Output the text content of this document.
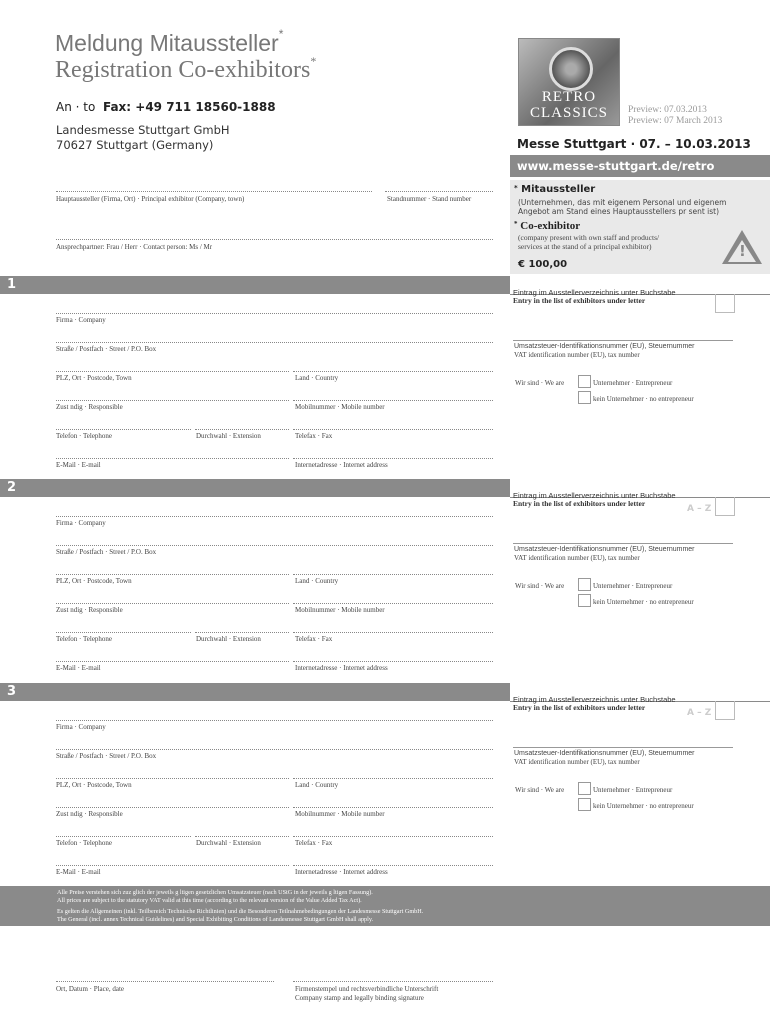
Meldung Mitaussteller*
Registration Co-exhibitors*
An · to Fax: +49 711 18560-1888
Landesmesse Stuttgart GmbH
70627 Stuttgart (Germany)
RETRO
CLASSICS	Preview: 07.03.2013
Preview: 07 March 2013
Messe Stuttgart · 07. – 10.03.2013
www.messe-stuttgart.de/retro
Hauptaussteller (Firma, Ort) · Principal exhibitor (Company, town)	Standnummer · Stand number
Ansprechpartner: Frau / Herr · Contact person: Ms / Mr
* Mitaussteller
(Unternehmen, das mit eigenem Personal und eigenem
Angebot am Stand eines Hauptausstellers pr sent ist)
* Co-exhibitor
(company present with own staff and products/
services at the stand of a principal exhibitor)
€ 100,00
!
1
Eintrag im Ausstellerverzeichnis unter Buchstabe
Entry in the list of exhibitors under letter
Firma · Company
Straße / Postfach · Street / P.O. Box
PLZ, Ort · Postcode, Town	Land · Country
Zust ndig · Responsible	Mobilnummer · Mobile number
Telefon · Telephone	Durchwahl · Extension	Telefax · Fax
E-Mail · E-mail	Internetadresse · Internet address
Umsatzsteuer-Identifikationsnummer (EU), Steuernummer
VAT identification number (EU), tax number
Wir sind · We are	Unternehmer · Entrepreneur
kein Unternehmer · no entrepreneur
2
Eintrag im Ausstellerverzeichnis unter Buchstabe
Entry in the list of exhibitors under letter
A – Z
Firma · Company
Straße / Postfach · Street / P.O. Box
PLZ, Ort · Postcode, Town	Land · Country
Zust ndig · Responsible	Mobilnummer · Mobile number
Telefon · Telephone	Durchwahl · Extension	Telefax · Fax
E-Mail · E-mail	Internetadresse · Internet address
Umsatzsteuer-Identifikationsnummer (EU), Steuernummer
VAT identification number (EU), tax number
Wir sind · We are	Unternehmer · Entrepreneur
kein Unternehmer · no entrepreneur
3
Eintrag im Ausstellerverzeichnis unter Buchstabe
Entry in the list of exhibitors under letter
A – Z
Firma · Company
Straße / Postfach · Street / P.O. Box
PLZ, Ort · Postcode, Town	Land · Country
Zust ndig · Responsible	Mobilnummer · Mobile number
Telefon · Telephone	Durchwahl · Extension	Telefax · Fax
E-Mail · E-mail	Internetadresse · Internet address
Umsatzsteuer-Identifikationsnummer (EU), Steuernummer
VAT identification number (EU), tax number
Wir sind · We are	Unternehmer · Entrepreneur
kein Unternehmer · no entrepreneur
Alle Preise verstehen sich zuz glich der jeweils g ltigen gesetzlichen Umsatzsteuer (nach UStG in der jeweils g ltigen Fassung).
All prices are subject to the statutory VAT valid at this time (according to the relevant version of the Value Added Tax Act).
Es gelten die Allgemeinen (inkl. Teilbereich Technische Richtlinien) und die Besonderen Teilnahmebedingungen der Landesmesse Stuttgart GmbH.
The General (incl. annex Technical Guidelines) and Special Exhibiting Conditions of Landesmesse Stuttgart GmbH shall apply.
Ort, Datum · Place, date	Firmenstempel und rechtsverbindliche Unterschrift
Company stamp and legally binding signature
